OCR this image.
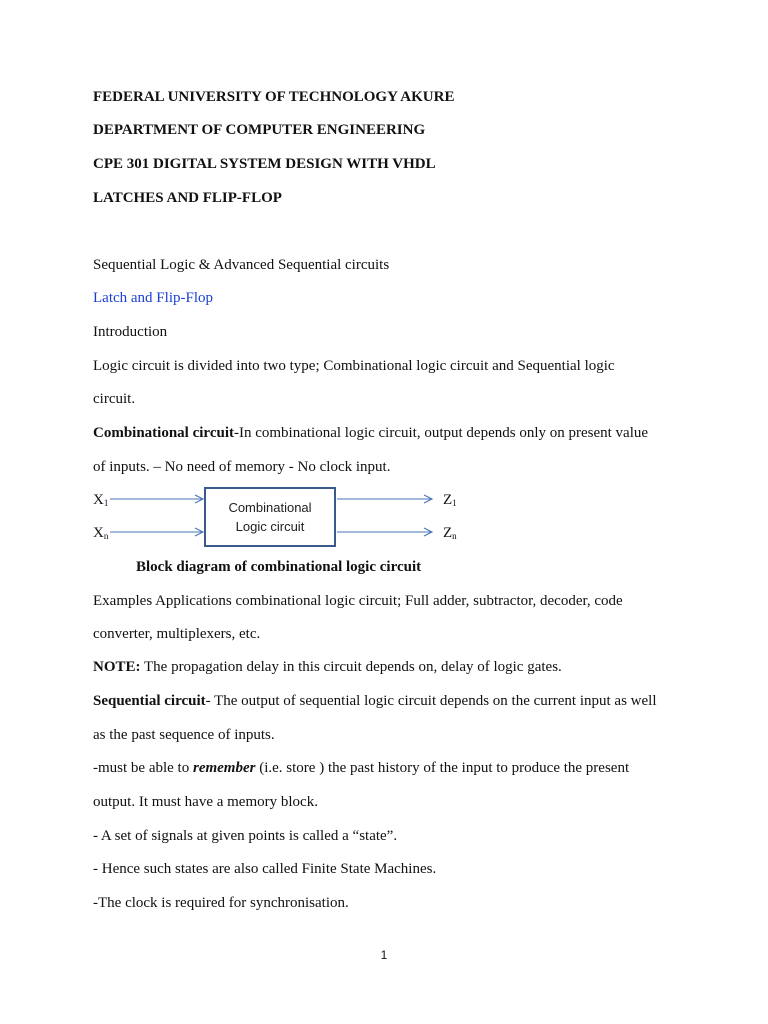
FEDERAL UNIVERSITY OF TECHNOLOGY AKURE
DEPARTMENT OF COMPUTER ENGINEERING
CPE 301 DIGITAL SYSTEM DESIGN WITH VHDL
LATCHES AND FLIP-FLOP
Sequential Logic & Advanced Sequential circuits
Latch and Flip-Flop
Introduction
Logic circuit is divided into two type; Combinational logic circuit and Sequential logic
circuit.
Combinational circuit-In combinational logic circuit, output depends only on present value
of inputs. – No need of memory - No clock input.
$X_1$
$X_n$
$Z_1$
$Z_n$
Combinational
Logic circuit
Block diagram of combinational logic circuit
Examples Applications combinational logic circuit; Full adder, subtractor, decoder, code
converter, multiplexers, etc.
NOTE: The propagation delay in this circuit depends on, delay of logic gates.
Sequential circuit- The output of sequential logic circuit depends on the current input as well
as the past sequence of inputs.
-must be able to remember (i.e. store ) the past history of the input to produce the present
output. It must have a memory block.
- A set of signals at given points is called a “state”.
- Hence such states are also called Finite State Machines.
-The clock is required for synchronisation.
1
